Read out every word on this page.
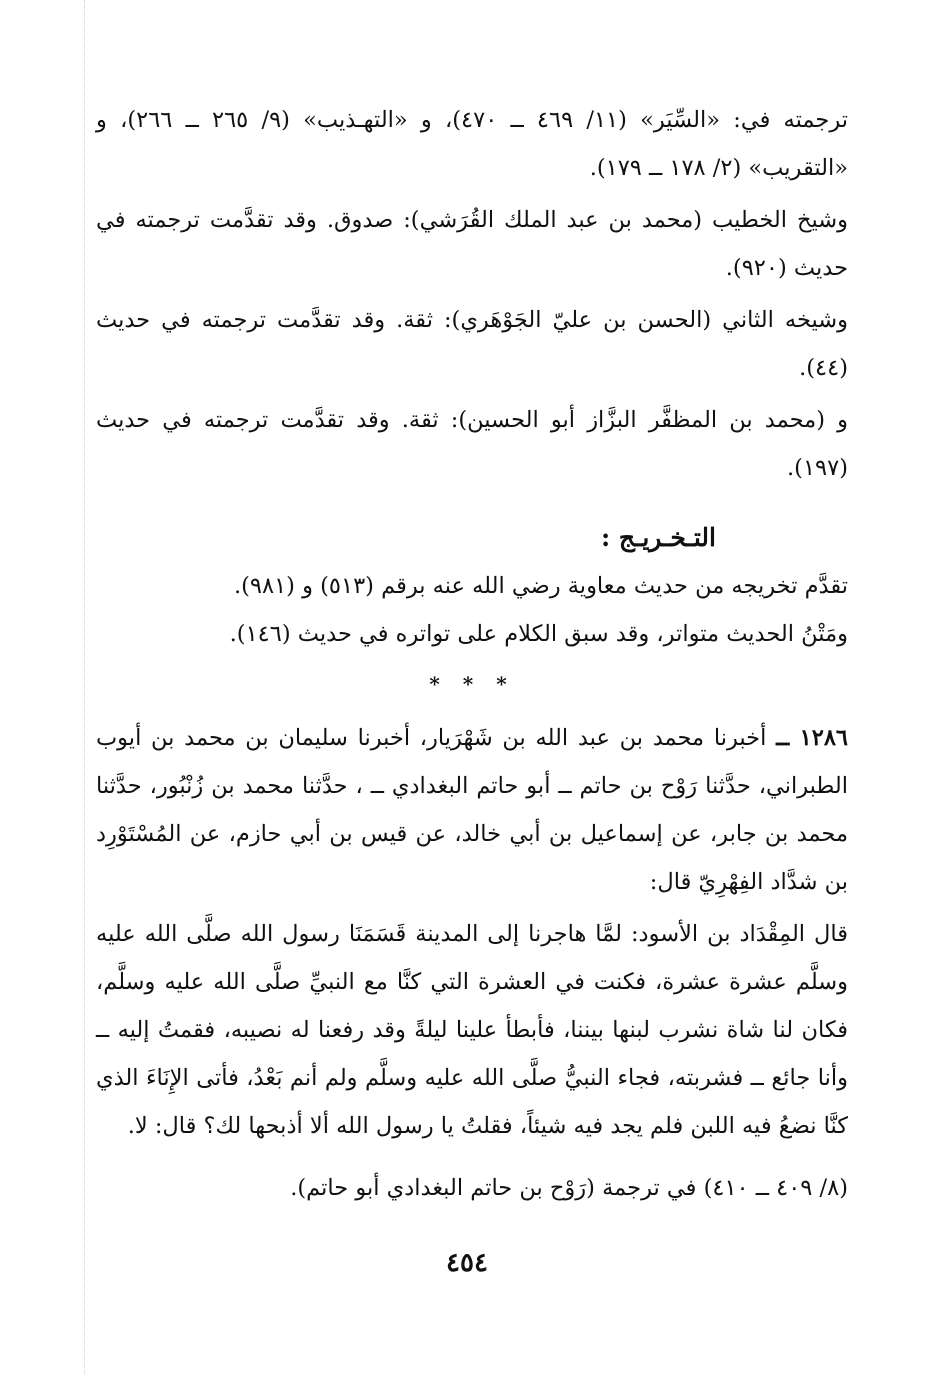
ترجمته في: «السِّيَر» (١١/ ٤٦٩ ــ ٤٧٠)، و «التهـذيب» (٩/ ٢٦٥ ــ ٢٦٦)، و «التقريب» (٢/ ١٧٨ ــ ١٧٩).

وشيخ الخطيب (محمد بن عبد الملك القُرَشي): صدوق. وقد تقدَّمت ترجمته في حديث (٩٢٠).

وشيخه الثاني (الحسن بن عليّ الجَوْهَري): ثقة. وقد تقدَّمت ترجمته في حديث (٤٤).

و (محمد بن المظفَّر البزَّاز أبو الحسين): ثقة. وقد تقدَّمت ترجمته في حديث (١٩٧).

التـخـريـج :

تقدَّم تخريجه من حديث معاوية رضي الله عنه برقم (٥١٣) و (٩٨١).

ومَتْنُ الحديث متواتر، وقد سبق الكلام على تواتره في حديث (١٤٦).

* * *

١٢٨٦ ــ أخبرنا محمد بن عبد الله بن شَهْرَيار، أخبرنا سليمان بن محمد بن أيوب الطبراني، حدَّثنا رَوْح بن حاتم ــ أبو حاتم البغدادي ــ ، حدَّثنا محمد بن زُنْبُور، حدَّثنا محمد بن جابر، عن إسماعيل بن أبي خالد، عن قيس بن أبي حازم، عن المُسْتَوْرِد بن شدَّاد الفِهْرِيّ قال:

قال المِقْدَاد بن الأسود: لمَّا هاجرنا إلى المدينة قَسَمَنَا رسول الله صلَّى الله عليه وسلَّم عشرة عشرة، فكنت في العشرة التي كنَّا مع النبيِّ صلَّى الله عليه وسلَّم، فكان لنا شاة نشرب لبنها بيننا، فأبطأ علينا ليلةً وقد رفعنا له نصيبه، فقمتُ إليه ــ وأنا جائع ــ فشربته، فجاء النبيُّ صلَّى الله عليه وسلَّم ولم أنم بَعْدُ، فأتى الإِنَاءَ الذي كنَّا نضعُ فيه اللبن فلم يجد فيه شيئاً، فقلتُ يا رسول الله ألا أذبحها لك؟ قال: لا.

(٨/ ٤٠٩ ــ ٤١٠) في ترجمة (رَوْح بن حاتم البغدادي أبو حاتم).

٤٥٤
